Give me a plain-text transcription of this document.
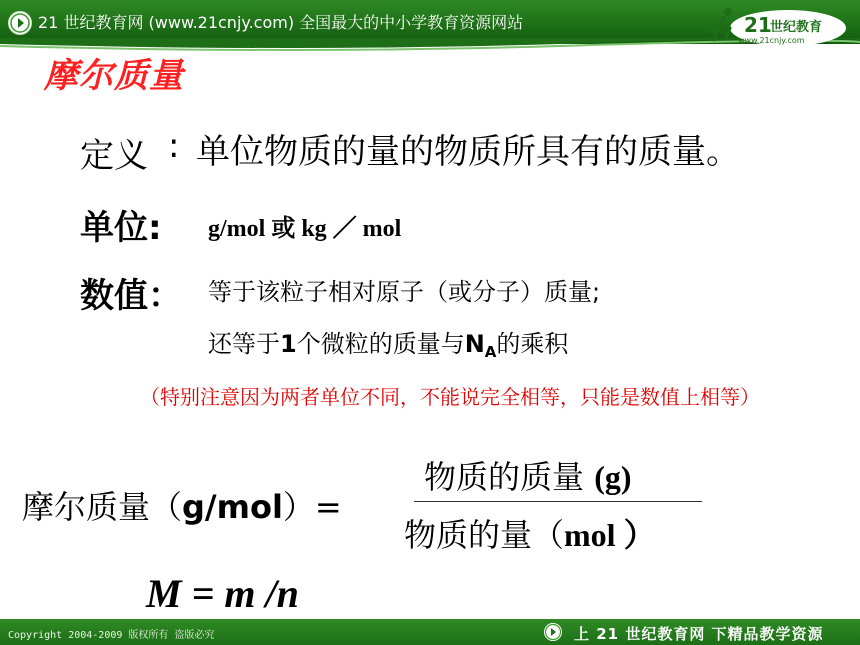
21 世纪教育网 (www.21cnjy.com) 全国最大的中小学教育资源网站	21
世纪教育
www.21cnjy.com
摩尔质量
定义 : 单位物质的量的物质所具有的质量。
单位: g/mol 或 kg ／ mol
数值： 等于该粒子相对原子（或分子）质量;
还等于1个微粒的质量与$N_A$的乘积
（特别注意因为两者单位不同，不能说完全相等，只能是数值上相等）
摩尔质量（g/mol）=
物质的质量 (g)
物质的量（mol ）
M = m /n
Copyright 2004-2009 版权所有 盗版必究	上 21 世纪教育网 下精品教学资源
